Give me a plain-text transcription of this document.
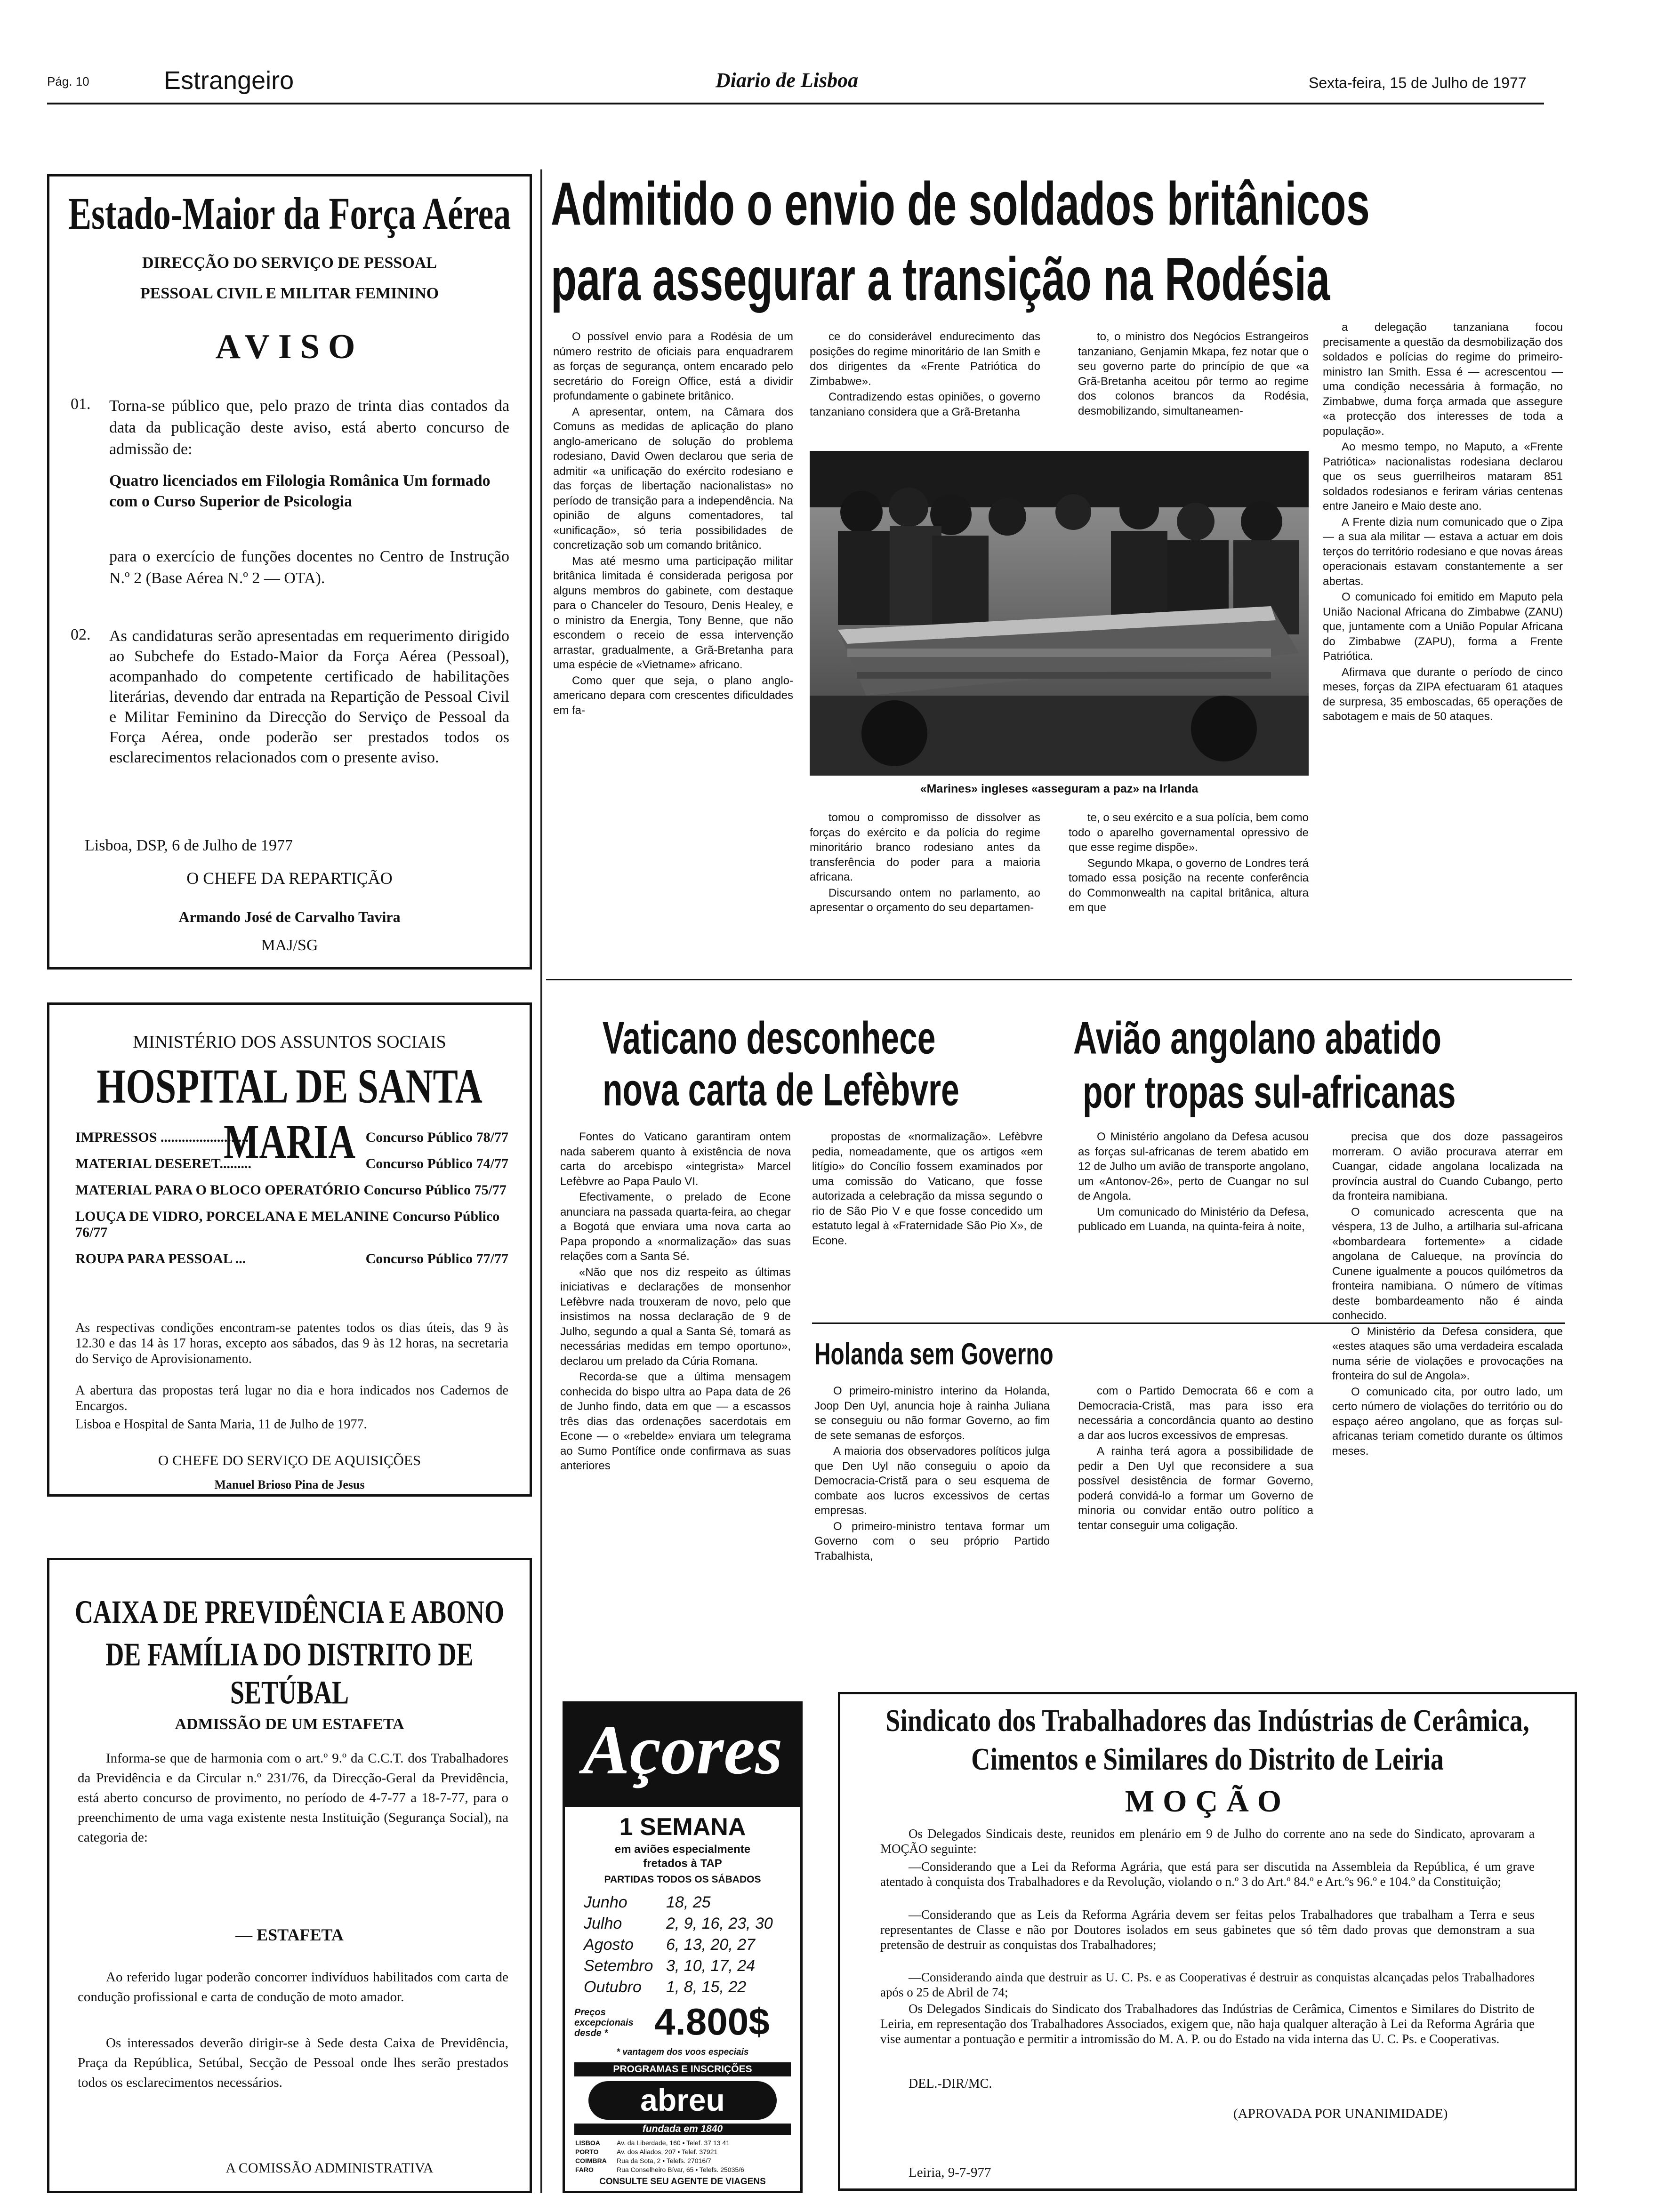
Pág. 10	Estrangeiro	Diario de Lisboa	Sexta-feira, 15 de Julho de 1977
Estado-Maior da Força Aérea
DIRECÇÃO DO SERVIÇO DE PESSOAL
PESSOAL CIVIL E MILITAR FEMININO
AVISO
01. Torna-se público que, pelo prazo de trinta dias contados da data da publicação deste aviso, está aberto concurso de admissão de:
Quatro licenciados em Filologia Românica Um formado com o Curso Superior de Psicologia
para o exercício de funções docentes no Centro de Instrução N.º 2 (Base Aérea N.º 2 — OTA).
02. As candidaturas serão apresentadas em requerimento dirigido ao Subchefe do Estado-Maior da Força Aérea (Pessoal), acompanhado do competente certificado de habilitações literárias, devendo dar entrada na Repartição de Pessoal Civil e Militar Feminino da Direcção do Serviço de Pessoal da Força Aérea, onde poderão ser prestados todos os esclarecimentos relacionados com o presente aviso.
Lisboa, DSP, 6 de Julho de 1977
O CHEFE DA REPARTIÇÃO
Armando José de Carvalho Tavira
MAJ/SG
MINISTÉRIO DOS ASSUNTOS SOCIAIS
HOSPITAL DE SANTA MARIA
IMPRESSOS ..........................	Concurso Público 78/77
MATERIAL DESERET.........	Concurso Público 74/77
MATERIAL PARA O BLOCO OPERATÓRIO Concurso Público 75/77
LOUÇA DE VIDRO, PORCELANA E MELANINE Concurso Público 76/77
ROUPA PARA PESSOAL ...	Concurso Público 77/77
As respectivas condições encontram-se patentes todos os dias úteis, das 9 às 12.30 e das 14 às 17 horas, excepto aos sábados, das 9 às 12 horas, na secretaria do Serviço de Aprovisionamento.
A abertura das propostas terá lugar no dia e hora indicados nos Cadernos de Encargos.
Lisboa e Hospital de Santa Maria, 11 de Julho de 1977.
O CHEFE DO SERVIÇO DE AQUISIÇÕES
Manuel Brioso Pina de Jesus
CAIXA DE PREVIDÊNCIA E ABONO
DE FAMÍLIA DO DISTRITO DE SETÚBAL
ADMISSÃO DE UM ESTAFETA
Informa-se que de harmonia com o art.º 9.º da C.C.T. dos Trabalhadores da Previdência e da Circular n.º 231/76, da Direcção-Geral da Previdência, está aberto concurso de provimento, no período de 4-7-77 a 18-7-77, para o preenchimento de uma vaga existente nesta Instituição (Segurança Social), na categoria de:
— ESTAFETA
Ao referido lugar poderão concorrer indivíduos habilitados com carta de condução profissional e carta de condução de moto amador.
Os interessados deverão dirigir-se à Sede desta Caixa de Previdência, Praça da República, Setúbal, Secção de Pessoal onde lhes serão prestados todos os esclarecimentos necessários.
A COMISSÃO ADMINISTRATIVA
Admitido o envio de soldados britânicos
para assegurar a transição na Rodésia

O possível envio para a Rodésia de um número restrito de oficiais para enquadrarem as forças de segurança, ontem encarado pelo secretário do Foreign Office, está a dividir profundamente o gabinete britânico.

A apresentar, ontem, na Câmara dos Comuns as medidas de aplicação do plano anglo-americano de solução do problema rodesiano, David Owen declarou que seria de admitir «a unificação do exército rodesiano e das forças de libertação nacionalistas» no período de transição para a independência. Na opinião de alguns comentadores, tal «unificação», só teria possibilidades de concretização sob um comando britânico.

Mas até mesmo uma participação militar britânica limitada é considerada perigosa por alguns membros do gabinete, com destaque para o Chanceler do Tesouro, Denis Healey, e o ministro da Energia, Tony Benne, que não escondem o receio de essa intervenção arrastar, gradualmente, a Grã-Bretanha para uma espécie de «Vietname» africano.

Como quer que seja, o plano anglo-americano depara com crescentes dificuldades em fa-

ce do considerável endurecimento das posições do regime minoritário de Ian Smith e dos dirigentes da «Frente Patriótica do Zimbabwe».

Contradizendo estas opiniões, o governo tanzaniano considera que a Grã-Bretanha

to, o ministro dos Negócios Estrangeiros tanzaniano, Genjamin Mkapa, fez notar que o seu governo parte do princípio de que «a Grã-Bretanha aceitou pôr termo ao regime dos colonos brancos da Rodésia, desmobilizando, simultaneamen-

«Marines» ingleses «asseguram a paz» na Irlanda

tomou o compromisso de dissolver as forças do exército e da polícia do regime minoritário branco rodesiano antes da transferência do poder para a maioria africana.

Discursando ontem no parlamento, ao apresentar o orçamento do seu departamen-

te, o seu exército e a sua polícia, bem como todo o aparelho governamental opressivo de que esse regime dispõe».

Segundo Mkapa, o governo de Londres terá tomado essa posição na recente conferência do Commonwealth na capital britânica, altura em que

a delegação tanzaniana focou precisamente a questão da desmobilização dos soldados e polícias do regime do primeiro-ministro Ian Smith. Essa é — acrescentou — uma condição necessária à formação, no Zimbabwe, duma força armada que assegure «a protecção dos interesses de toda a população».

Ao mesmo tempo, no Maputo, a «Frente Patriótica» nacionalistas rodesiana declarou que os seus guerrilheiros mataram 851 soldados rodesianos e feriram várias centenas entre Janeiro e Maio deste ano.

A Frente dizia num comunicado que o Zipa — a sua ala militar — estava a actuar em dois terços do território rodesiano e que novas áreas operacionais estavam constantemente a ser abertas.

O comunicado foi emitido em Maputo pela União Nacional Africana do Zimbabwe (ZANU) que, juntamente com a União Popular Africana do Zimbabwe (ZAPU), forma a Frente Patriótica.

Afirmava que durante o período de cinco meses, forças da ZIPA efectuaram 61 ataques de surpresa, 35 emboscadas, 65 operações de sabotagem e mais de 50 ataques.

Vaticano desconhece
nova carta de Lefèbvre

Fontes do Vaticano garantiram ontem nada saberem quanto à existência de nova carta do arcebispo «integrista» Marcel Lefèbvre ao Papa Paulo VI.

Efectivamente, o prelado de Econe anunciara na passada quarta-feira, ao chegar a Bogotá que enviara uma nova carta ao Papa propondo a «normalização» das suas relações com a Santa Sé.

«Não que nos diz respeito as últimas iniciativas e declarações de monsenhor Lefèbvre nada trouxeram de novo, pelo que insistimos na nossa declaração de 9 de Julho, segundo a qual a Santa Sé, tomará as necessárias medidas em tempo oportuno», declarou um prelado da Cúria Romana.

Recorda-se que a última mensagem conhecida do bispo ultra ao Papa data de 26 de Junho findo, data em que — a escassos três dias das ordenações sacerdotais em Econe — o «rebelde» enviara um telegrama ao Sumo Pontífice onde confirmava as suas anteriores

propostas de «normalização». Lefèbvre pedia, nomeadamente, que os artigos «em litígio» do Concílio fossem examinados por uma comissão do Vaticano, que fosse autorizada a celebração da missa segundo o rio de São Pio V e que fosse concedido um estatuto legal à «Fraternidade São Pio X», de Econe.

Avião angolano abatido
por tropas sul-africanas

O Ministério angolano da Defesa acusou as forças sul-africanas de terem abatido em 12 de Julho um avião de transporte angolano, um «Antonov-26», perto de Cuangar no sul de Angola.

Um comunicado do Ministério da Defesa, publicado em Luanda, na quinta-feira à noite,

precisa que dos doze passageiros morreram. O avião procurava aterrar em Cuangar, cidade angolana localizada na província austral do Cuando Cubango, perto da fronteira namibiana.

O comunicado acrescenta que na véspera, 13 de Julho, a artilharia sul-africana «bombardeara fortemente» a cidade angolana de Calueque, na província do Cunene igualmente a poucos quilómetros da fronteira namibiana. O número de vítimas deste bombardeamento não é ainda conhecido.

O Ministério da Defesa considera, que «estes ataques são uma verdadeira escalada numa série de violações e provocações na fronteira do sul de Angola».

O comunicado cita, por outro lado, um certo número de violações do território ou do espaço aéreo angolano, que as forças sul-africanas teriam cometido durante os últimos meses.

Holanda sem Governo

O primeiro-ministro interino da Holanda, Joop Den Uyl, anuncia hoje à rainha Juliana se conseguiu ou não formar Governo, ao fim de sete semanas de esforços.

A maioria dos observadores políticos julga que Den Uyl não conseguiu o apoio da Democracia-Cristã para o seu esquema de combate aos lucros excessivos de certas empresas.

O primeiro-ministro tentava formar um Governo com o seu próprio Partido Trabalhista,

com o Partido Democrata 66 e com a Democracia-Cristã, mas para isso era necessária a concordância quanto ao destino a dar aos lucros excessivos de empresas.

A rainha terá agora a possibilidade de pedir a Den Uyl que reconsidere a sua possível desistência de formar Governo, poderá convidá-lo a formar um Governo de minoria ou convidar então outro político a tentar conseguir uma coligação.

Açores
1 SEMANA
em aviões especialmente
fretados à TAP
PARTIDAS TODOS OS SÁBADOS
Junho	18, 25
Julho	2, 9, 16, 23, 30
Agosto	6, 13, 20, 27
Setembro 3, 10, 17, 24
Outubro	1, 8, 15, 22
Preços excepcionais desde *	4.800$
* vantagem dos voos especiais
PROGRAMAS E INSCRIÇÕES
abreu
fundada em 1840
LISBOA	Av. da Liberdade, 160 • Telef. 37 13 41
PORTO	Av. dos Aliados, 207 • Telef. 37921
COIMBRA Rua da Sota, 2 • Telefs. 27016/7
FARO	Rua Conselheiro Bívar, 65 • Telefs. 25035/6
CONSULTE SEU AGENTE DE VIAGENS
Sindicato dos Trabalhadores das Indústrias de Cerâmica,
Cimentos e Similares do Distrito de Leiria
MOÇÃO
Os Delegados Sindicais deste, reunidos em plenário em 9 de Julho do corrente ano na sede do Sindicato, aprovaram a MOÇÃO seguinte:
—Considerando que a Lei da Reforma Agrária, que está para ser discutida na Assembleia da República, é um grave atentado à conquista dos Trabalhadores e da Revolução, violando o n.º 3 do Art.º 84.º e Art.ºs 96.º e 104.º da Constituição;
—Considerando que as Leis da Reforma Agrária devem ser feitas pelos Trabalhadores que trabalham a Terra e seus representantes de Classe e não por Doutores isolados em seus gabinetes que só têm dado provas que demonstram a sua pretensão de destruir as conquistas dos Trabalhadores;
—Considerando ainda que destruir as U. C. Ps. e as Cooperativas é destruir as conquistas alcançadas pelos Trabalhadores após o 25 de Abril de 74;
Os Delegados Sindicais do Sindicato dos Trabalhadores das Indústrias de Cerâmica, Cimentos e Similares do Distrito de Leiria, em representação dos Trabalhadores Associados, exigem que, não haja qualquer alteração à Lei da Reforma Agrária que vise aumentar a pontuação e permitir a intromissão do M. A. P. ou do Estado na vida interna das U. C. Ps. e Cooperativas.
DEL.-DIR/MC.
(APROVADA POR UNANIMIDADE)
Leiria, 9-7-977
